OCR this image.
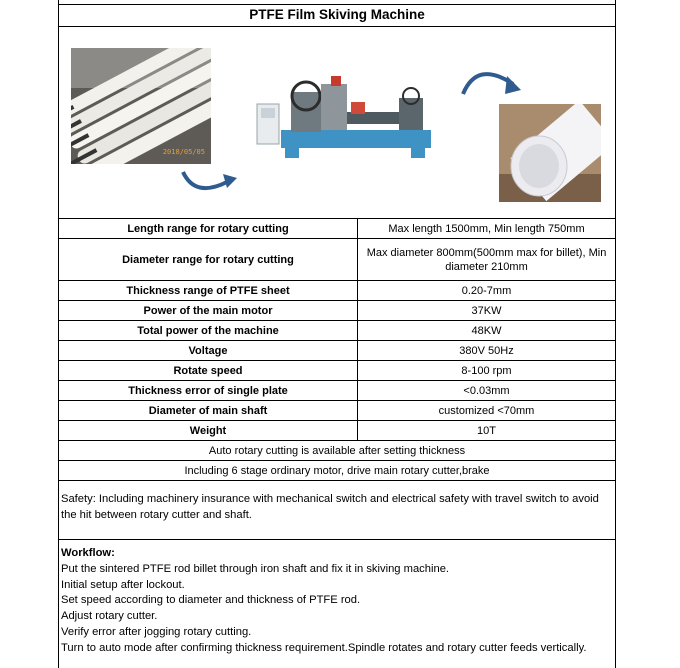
PTFE Film Skiving Machine
2018/05/05
Length range for rotary cutting	Max length 1500mm, Min length 750mm
Diameter range for rotary cutting	Max diameter 800mm(500mm max for billet), Min diameter 210mm
Thickness range of PTFE sheet	0.20-7mm
Power of the main motor	37KW
Total power of the machine	48KW
Voltage	380V 50Hz
Rotate speed	8-100 rpm
Thickness error of single plate	<0.03mm
Diameter of main shaft	customized <70mm
Weight	10T
Auto rotary cutting is available after setting thickness	
Including 6 stage ordinary motor, drive main rotary cutter,brake	
Safety: Including machinery insurance with mechanical switch and electrical safety with travel switch to avoid the hit between rotary cutter and shaft.
Workflow:
Put the sintered PTFE rod billet through iron shaft and fix it in skiving machine.
Initial setup after lockout.
Set speed according to diameter and thickness of PTFE rod.
Adjust rotary cutter.
Verify error after jogging rotary cutting.
Turn to auto mode after confirming thickness requirement.Spindle rotates and rotary cutter feeds vertically.
